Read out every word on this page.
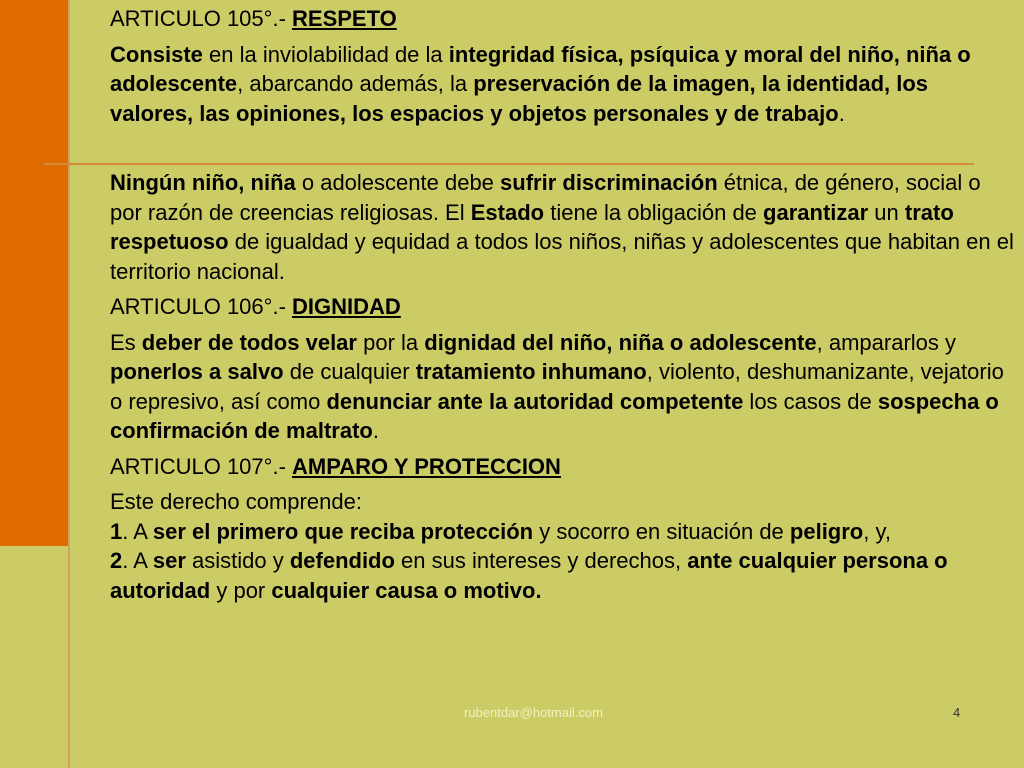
ARTICULO 105°.- RESPETO

Consiste en la inviolabilidad de la integridad física, psíquica y moral del niño, niña o adolescente, abarcando además, la preservación de la imagen, la identidad, los valores, las opiniones, los espacios y objetos personales y de trabajo.

Ningún niño, niña o adolescente debe sufrir discriminación étnica, de género, social o por razón de creencias religiosas. El Estado tiene la obligación de garantizar un trato respetuoso de igualdad y equidad a todos los niños, niñas y adolescentes que habitan en el territorio nacional.

ARTICULO 106°.- DIGNIDAD

Es deber de todos velar por la dignidad del niño, niña o adolescente, ampararlos y ponerlos a salvo de cualquier tratamiento inhumano, violento, deshumanizante, vejatorio o represivo, así como denunciar ante la autoridad competente los casos de sospecha o confirmación de maltrato.

ARTICULO 107°.- AMPARO Y PROTECCION

Este derecho comprende:

1. A ser el primero que reciba protección y socorro en situación de peligro, y,

2. A ser asistido y defendido en sus intereses y derechos, ante cualquier persona o autoridad y por cualquier causa o motivo.

rubentdar@hotmail.com	4
